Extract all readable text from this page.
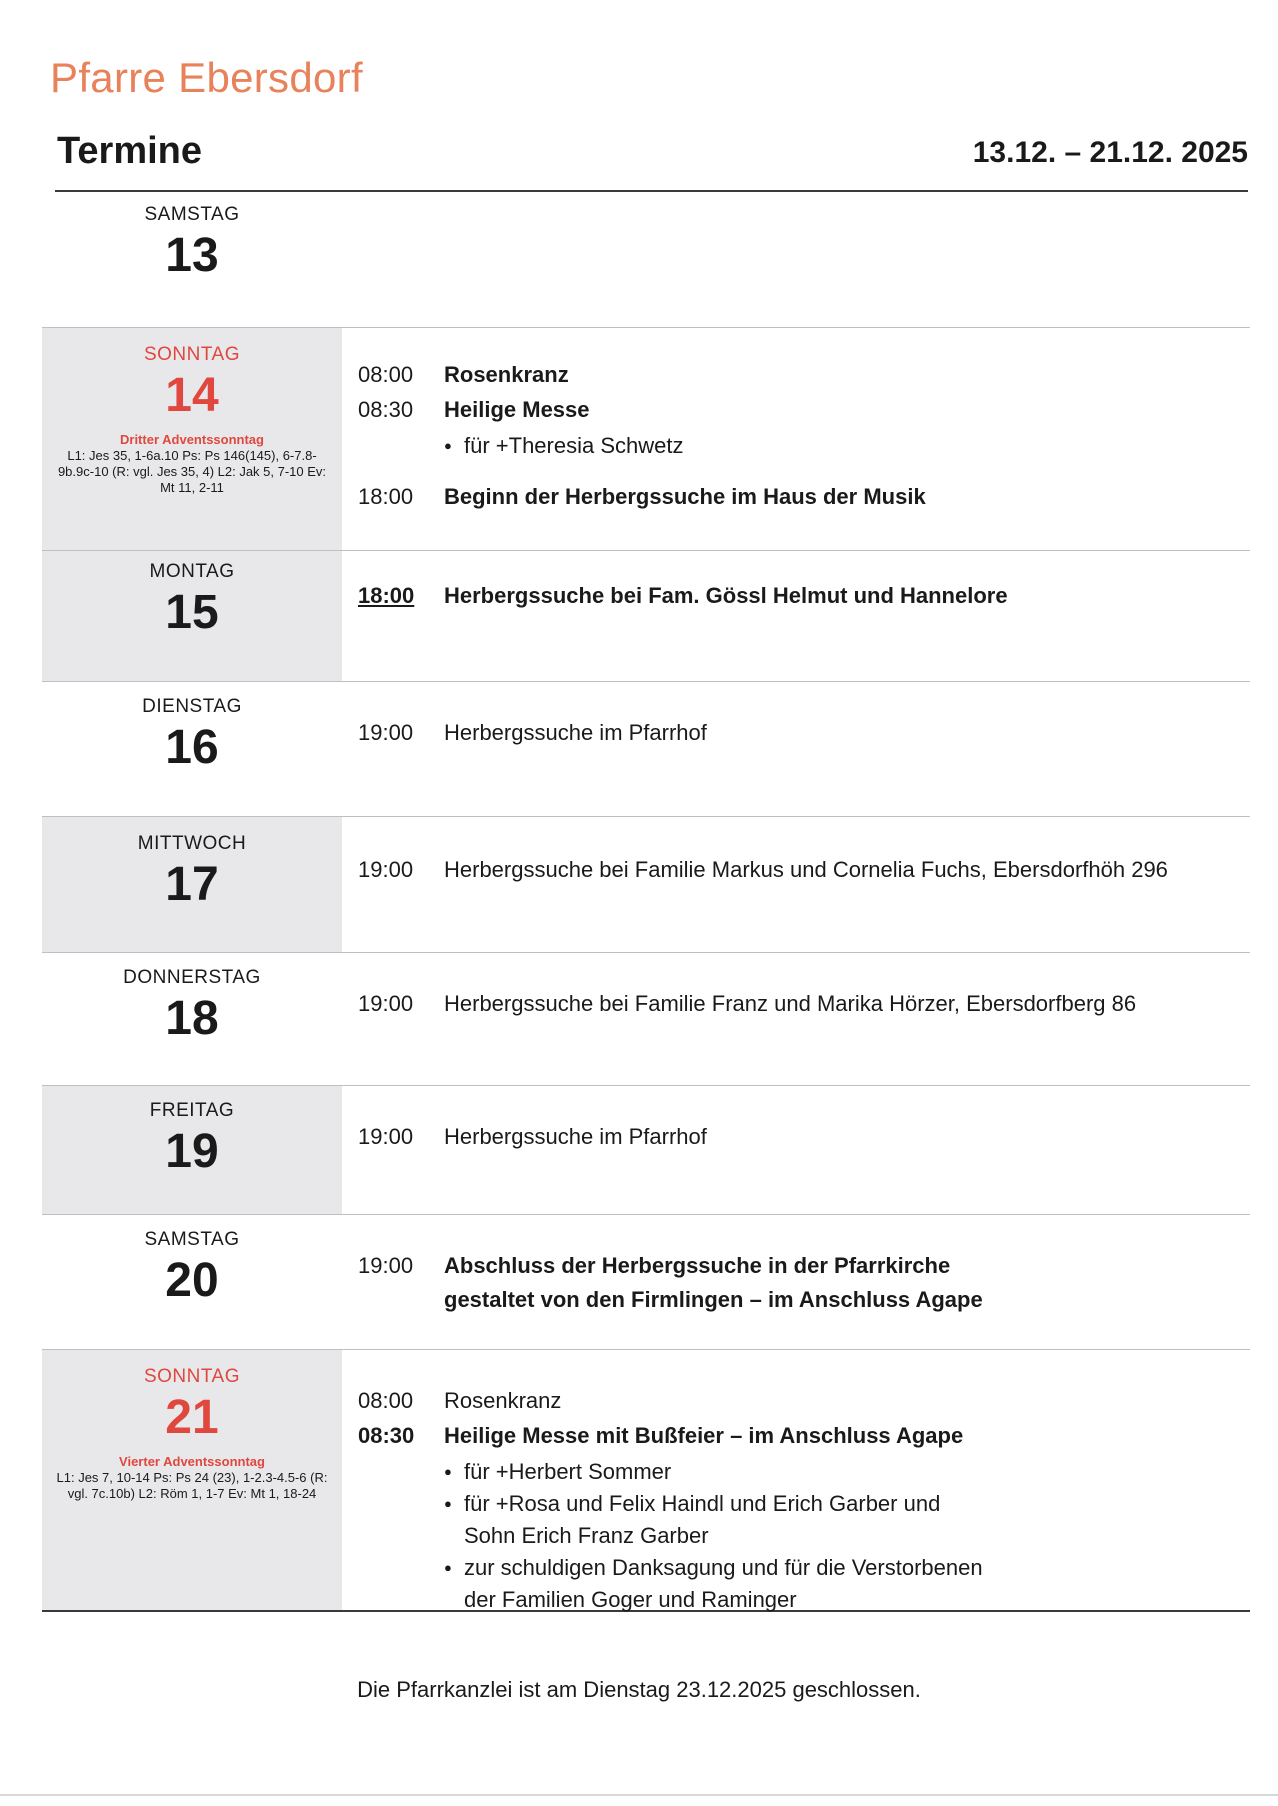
Pfarre Ebersdorf
Termine	13.12. – 21.12. 2025
SAMSTAG
13
SONNTAG
14
Dritter Adventssonntag
L1: Jes 35, 1-6a.10 Ps: Ps 146(145), 6-7.8-9b.9c-10 (R: vgl. Jes 35, 4) L2: Jak 5, 7-10 Ev: Mt 11, 2-11
08:00	Rosenkranz
08:30	Heilige Messe
● für +Theresia Schwetz
18:00	Beginn der Herbergssuche im Haus der Musik
MONTAG
15	18:00	Herbergssuche bei Fam. Gössl Helmut und Hannelore
DIENSTAG
16	19:00	Herbergssuche im Pfarrhof
MITTWOCH
17	19:00	Herbergssuche bei Familie Markus und Cornelia Fuchs, Ebersdorfhöh 296
DONNERSTAG
18	19:00	Herbergssuche bei Familie Franz und Marika Hörzer, Ebersdorfberg 86
FREITAG
19	19:00	Herbergssuche im Pfarrhof
SAMSTAG
20	19:00	Abschluss der Herbergssuche in der Pfarrkirche
gestaltet von den Firmlingen – im Anschluss Agape
SONNTAG
21
Vierter Adventssonntag
L1: Jes 7, 10-14 Ps: Ps 24 (23), 1-2.3-4.5-6 (R: vgl. 7c.10b) L2: Röm 1, 1-7 Ev: Mt 1, 18-24
08:00	Rosenkranz
08:30	Heilige Messe mit Bußfeier – im Anschluss Agape
● für +Herbert Sommer
● für +Rosa und Felix Haindl und Erich Garber und
Sohn Erich Franz Garber
● zur schuldigen Danksagung und für die Verstorbenen
der Familien Goger und Raminger
Die Pfarrkanzlei ist am Dienstag 23.12.2025 geschlossen.
